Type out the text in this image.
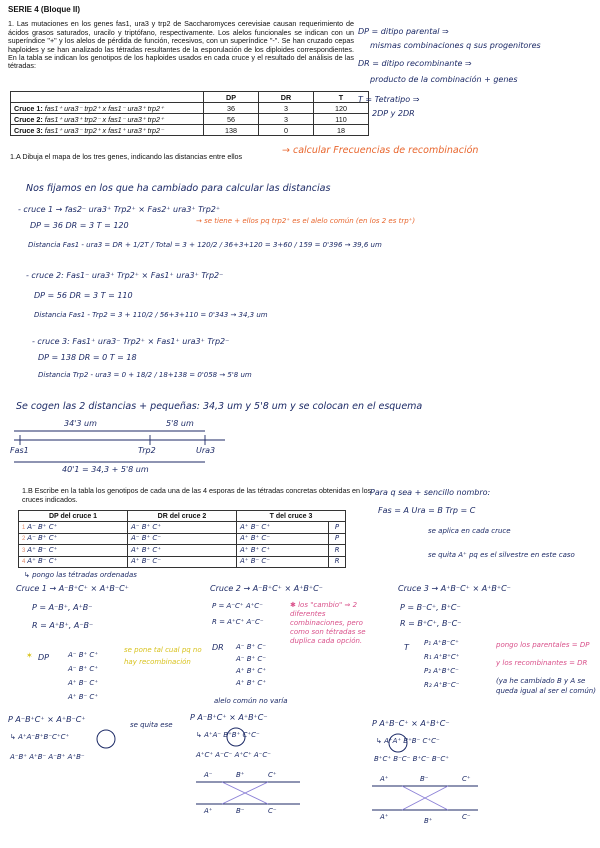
SERIE 4 (Bloque II)

1. Las mutaciones en los genes fas1, ura3 y trp2 de Saccharomyces cerevisiae causan requerimiento de ácidos grasos saturados, uracilo y triptófano, respectivamente. Los alelos funcionales se indican con un superíndice "+" y los alelos de pérdida de función, recesivos, con un superíndice "-". Se han cruzado cepas haploides y se han analizado las tétradas resultantes de la esporulación de los diploides correspondientes. En la tabla se indican los genotipos de los haploides usados en cada cruce y el resultado del análisis de las tétradas:

	DP	DR	T
Cruce 1: fas1⁺ ura3⁻ trp2⁺ x fas1⁻ ura3⁺ trp2⁺	36	3	120
Cruce 2: fas1⁺ ura3⁺ trp2⁻ x fas1⁻ ura3⁺ trp2⁺	56	3	110
Cruce 3: fas1⁺ ura3⁻ trp2⁺ x fas1⁺ ura3⁺ trp2⁻	138	0	18
1.A Dibuja el mapa de los tres genes, indicando las distancias entre ellos
1.B Escribe en la tabla los genotipos de cada una de las 4 esporas de las tétradas concretas obtenidas en los cruces indicados.
DP del cruce 1	DR del cruce 2	T del cruce 3	
1 A⁻ B⁺ C⁺	A⁻ B⁺ C⁺	A⁺ B⁻ C⁺	P
2 A⁻ B⁺ C⁺	A⁻ B⁺ C⁻	A⁺ B⁺ C⁻	P
3 A⁺ B⁻ C⁺	A⁺ B⁺ C⁺	A⁺ B⁺ C⁺	R
4 A⁺ B⁻ C⁺	A⁺ B⁻ C⁻	A⁺ B⁻ C⁻	R
DP = ditipo parental ⇒
mismas combinaciones q sus progenitores
DR = ditipo recombinante ⇒
producto de la combinación + genes
T = Tetratipo ⇒
2DP y 2DR
→ calcular Frecuencias de recombinación
Nos fijamos en los que ha cambiado para calcular las distancias
- cruce 1 → fas2⁻ ura3⁺ Trp2⁺ × Fas2⁺ ura3⁺ Trp2⁺
DP = 36 DR = 3 T = 120	→ se tiene + ellos pq trp2⁺ es el alelo común (en los 2 es trp⁺)
Distancia Fas1 - ura3 = DR + 1/2T / Total = 3 + 120/2 / 36+3+120 = 3+60 / 159 = 0'396 → 39,6 um
- cruce 2: Fas1⁻ ura3⁺ Trp2⁺ × Fas1⁺ ura3⁺ Trp2⁻
DP = 56 DR = 3 T = 110
Distancia Fas1 - Trp2 = 3 + 110/2 / 56+3+110 = 0'343 → 34,3 um
- cruce 3: Fas1⁺ ura3⁻ Trp2⁺ × Fas1⁺ ura3⁺ Trp2⁻
DP = 138 DR = 0 T = 18
Distancia Trp2 - ura3 = 0 + 18/2 / 18+138 = 0'058 → 5'8 um
Se cogen las 2 distancias + pequeñas: 34,3 um y 5'8 um y se colocan en el esquema
34'3 um	5'8 um
Fas1	Trp2	Ura3
40'1 = 34,3 + 5'8 um
Para q sea + sencillo nombro:
Fas = A Ura = B Trp = C
se aplica en cada cruce
se quita A⁺ pq es el silvestre en este caso
↳ pongo las tétradas ordenadas
Cruce 1 → A⁻B⁺C⁺ × A⁺B⁻C⁺
P = A⁻B⁺, A⁺B⁻
R = A⁺B⁺, A⁻B⁻
Cruce 2 → A⁻B⁺C⁺ × A⁺B⁺C⁻
P = A⁻C⁺ A⁺C⁻
R = A⁺C⁺ A⁻C⁻
✱ los "cambio" ⇒ 2 diferentes combinaciones, pero como son tétradas se duplica cada opción.
Cruce 3 → A⁺B⁻C⁺ × A⁺B⁺C⁻
P = B⁻C⁺, B⁺C⁻
R = B⁺C⁺, B⁻C⁻
DP
✶	A⁻ B⁺ C⁺
A⁻ B⁺ C⁺
A⁺ B⁻ C⁺
A⁺ B⁻ C⁺
se pone tal cual pq no hay recombinación
DR A⁻ B⁺ C⁻
A⁻ B⁺ C⁻
A⁺ B⁺ C⁺
A⁺ B⁺ C⁺
T P₁ A⁺B⁻C⁺
R₁ A⁺B⁺C⁺
P₂ A⁺B⁺C⁻
R₂ A⁺B⁻C⁻
pongo los parentales = DP
y los recombinantes = DR
(ya he cambiado B y A se queda igual al ser el común)
P A⁻B⁺C⁺ × A⁺B⁻C⁺
↳ A⁺A⁻B⁺B⁻C⁺C⁺
A⁻B⁺ A⁺B⁻ A⁻B⁺ A⁺B⁻
se quita ese
alelo común no varía
P A⁻B⁺C⁺ × A⁺B⁺C⁻
↳ A⁺A⁻ B⁺B⁺ C⁺C⁻
A⁺C⁺ A⁻C⁻ A⁺C⁺ A⁻C⁻
P A⁺B⁻C⁺ × A⁺B⁺C⁻
↳ A⁺A⁺ B⁺B⁻ C⁺C⁻
B⁺C⁺ B⁻C⁻ B⁺C⁻ B⁻C⁺
A⁻	B⁺	C⁺
A⁺	B⁻	C⁻
A⁺	B⁻	C⁺
A⁺	B⁺	C⁻
